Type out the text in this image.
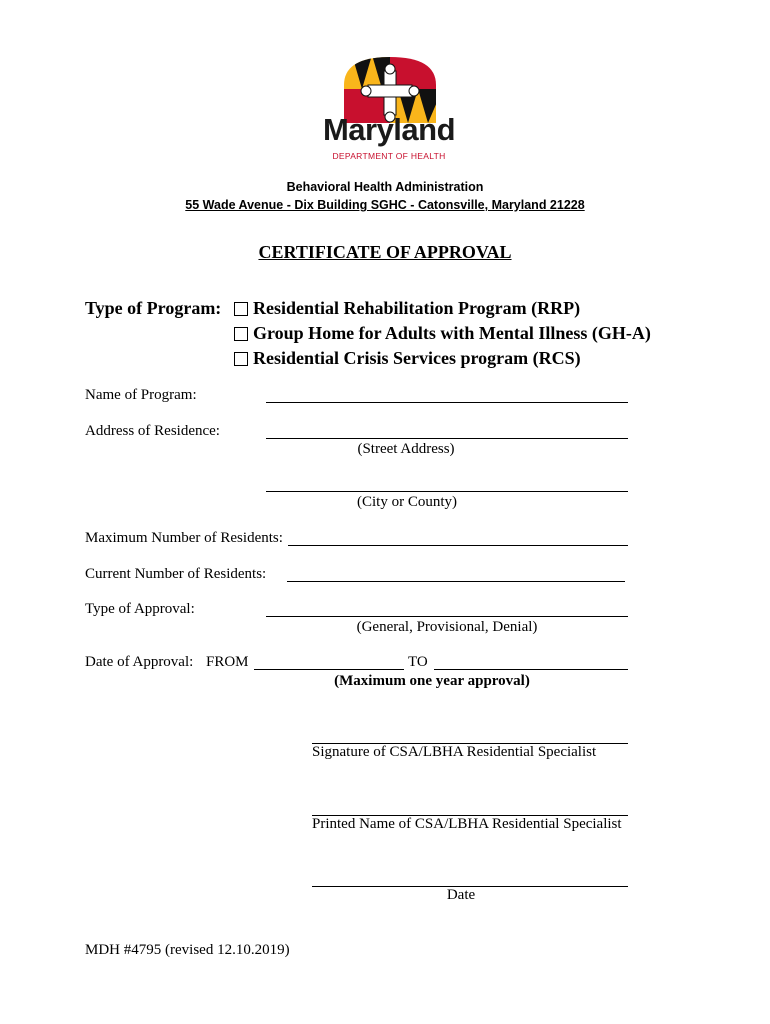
Maryland
DEPARTMENT OF HEALTH
Behavioral Health Administration
55 Wade Avenue - Dix Building SGHC - Catonsville, Maryland 21228
CERTIFICATE OF APPROVAL
Type of Program: Residential Rehabilitation Program (RRP)
Group Home for Adults with Mental Illness (GH-A)
Residential Crisis Services program (RCS)
Name of Program:
Address of Residence:
(Street Address)
(City or County)
Maximum Number of Residents:
Current Number of Residents:
Type of Approval:
(General, Provisional, Denial)
Date of Approval: FROM	TO
(Maximum one year approval)
Signature of CSA/LBHA Residential Specialist
Printed Name of CSA/LBHA Residential Specialist
Date
MDH #4795 (revised 12.10.2019)
